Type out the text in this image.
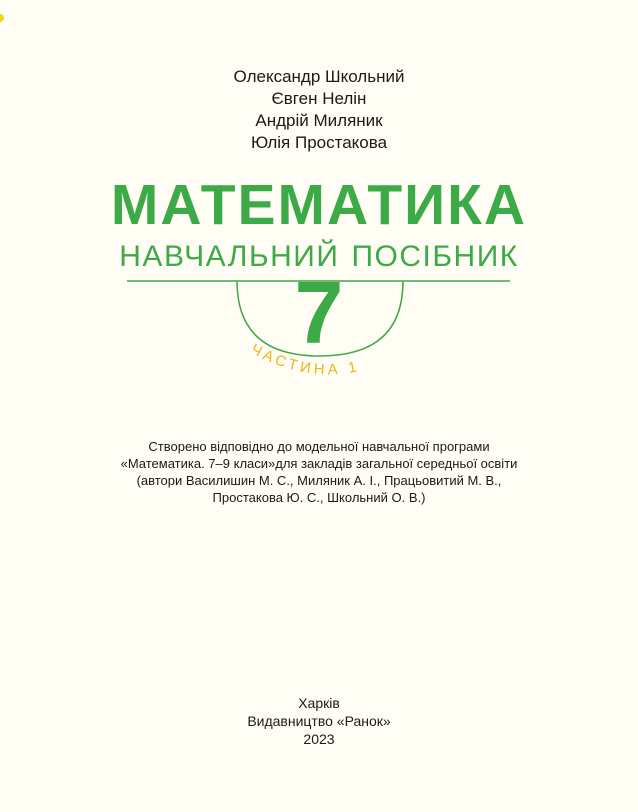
Олександр Школьний
Євген Нелін
Андрій Миляник
Юлія Простакова
МАТЕМАТИКА
НАВЧАЛЬНИЙ ПОСІБНИК
ЧАСТИНА 1
7
Створено відповідно до модельної навчальної програми
«Математика. 7–9 класи»для закладів загальної середньої освіти
(автори Василишин М. С., Миляник А. І., Працьовитий М. В.,
Простакова Ю. С., Школьний О. В.)
Харків
Видавництво «Ранок»
2023
